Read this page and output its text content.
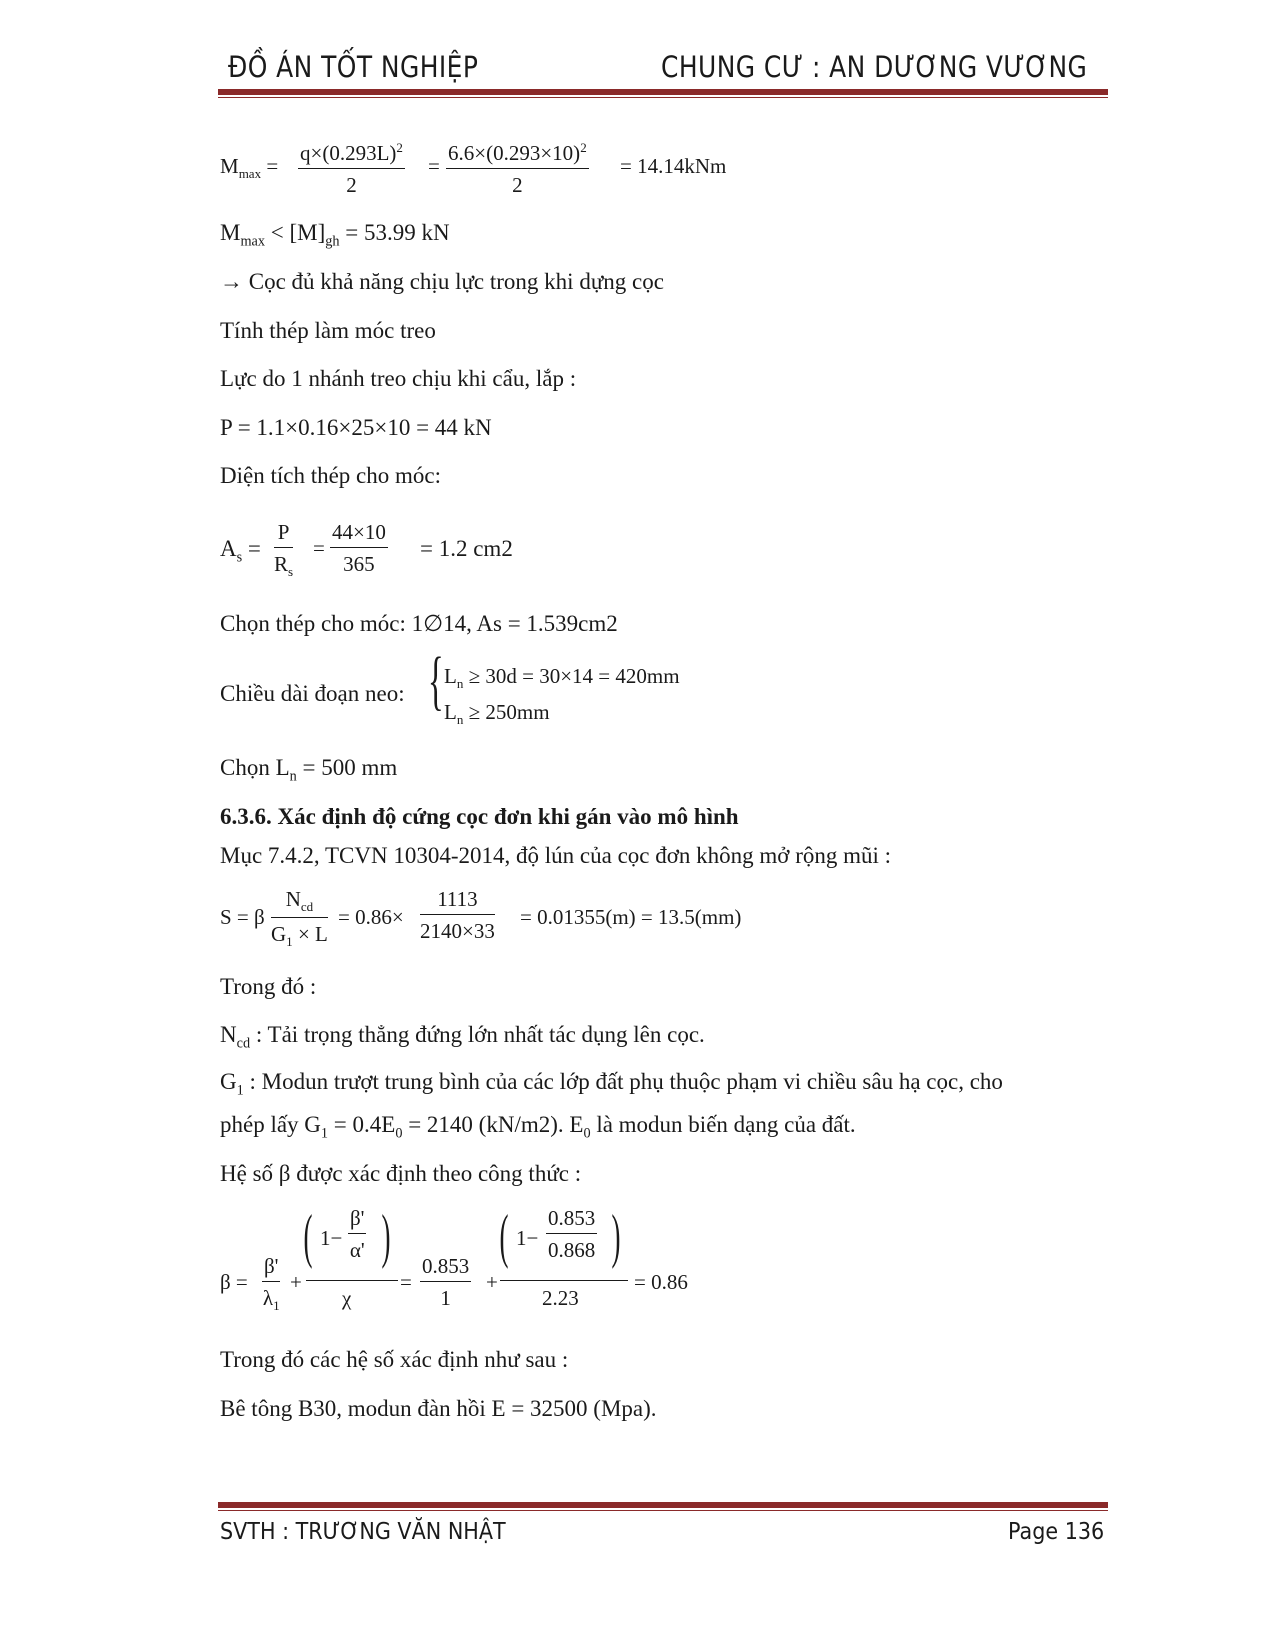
ĐỒ ÁN TỐT NGHIỆP	CHUNG CƯ : AN DƯƠNG VƯƠNG
$M_{max}$ =
$q\times(0.293L)^2$
2
=
$6.6\times(0.293\times 10)^2$
2
= 14.14kNm
$M_{max} < [M]_{gh} = 53.99$ kN
→ Cọc đủ khả năng chịu lực trong khi dựng cọc
Tính thép làm móc treo
Lực do 1 nhánh treo chịu khi cẩu, lắp :
P = 1.1×0.16×25×10 = 44 kN
Diện tích thép cho móc:
$A_s$ =
P
$R_s$
=
44×10
365
= 1.2 cm2
Chọn thép cho móc: 1∅14, As = 1.539cm2
Chiều dài đoạn neo: { $L_n \ge 30d = 30\times 14 = 420mm$
$L_n \ge 250mm$
Chọn $L_n = 500$ mm
6.3.6. Xác định độ cứng cọc đơn khi gán vào mô hình
Mục 7.4.2, TCVN 10304-2014, độ lún của cọc đơn không mở rộng mũi :
S = β
$N_{cd}$
$G_1 \times L$
= 0.86×
1113
2140×33
= 0.01355(m) = 13.5(mm)
Trong đó :
$N_{cd}$ : Tải trọng thẳng đứng lớn nhất tác dụng lên cọc.
$G_1$ : Modun trượt trung bình của các lớp đất phụ thuộc phạm vi chiều sâu hạ cọc, cho
phép lấy $G_1 = 0.4E_0 = 2140$ (kN/m2). $E_0$ là modun biến dạng của đất.
Hệ số β được xác định theo công thức :
β =
β'
$\lambda_1$
+
( 1−
β'
α' )
χ
=
0.853
1
+
( 1−
0.853
0.868 )
2.23
= 0.86
Trong đó các hệ số xác định như sau :
Bê tông B30, modun đàn hồi E = 32500 (Mpa).
SVTH : TRƯƠNG VĂN NHẬT	Page 136
